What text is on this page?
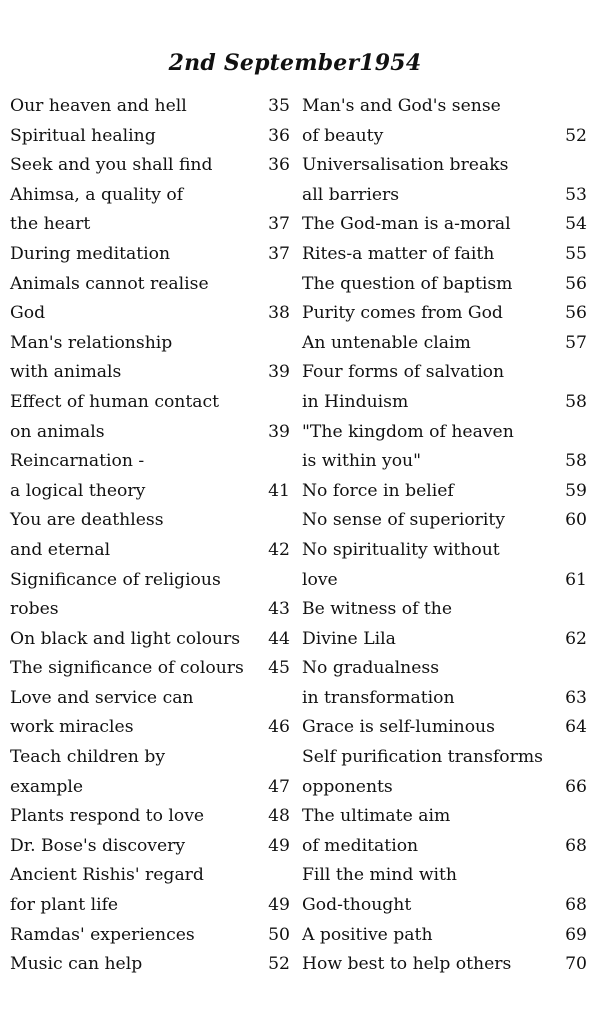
2nd September1954
Our heaven and hell	35
Spiritual healing	36
Seek and you shall find	36
Ahimsa, a quality of
the heart	37
During meditation	37
Animals cannot realise
God	38
Man's relationship
with animals	39
Effect of human contact
on animals	39
Reincarnation -
a logical theory	41
You are deathless
and eternal	42
Significance of religious
robes	43
On black and light colours 44
The significance of colours 45
Love and service can
work miracles	46
Teach children by
example	47
Plants respond to love	48
Dr. Bose's discovery	49
Ancient Rishis' regard
for plant life	49
Ramdas' experiences	50
Music can help	52
Man's and God's sense
of beauty	52
Universalisation breaks
all barriers	53
The God-man is a-moral	54
Rites-a matter of faith	55
The question of baptism	56
Purity comes from God	56
An untenable claim	57
Four forms of salvation
in Hinduism	58
"The kingdom of heaven
is within you"	58
No force in belief	59
No sense of superiority	60
No spirituality without
love	61
Be witness of the
Divine Lila	62
No gradualness
in transformation	63
Grace is self-luminous	64
Self purification transforms
opponents	66
The ultimate aim
of meditation	68
Fill the mind with
God-thought	68
A positive path	69
How best to help others	70
